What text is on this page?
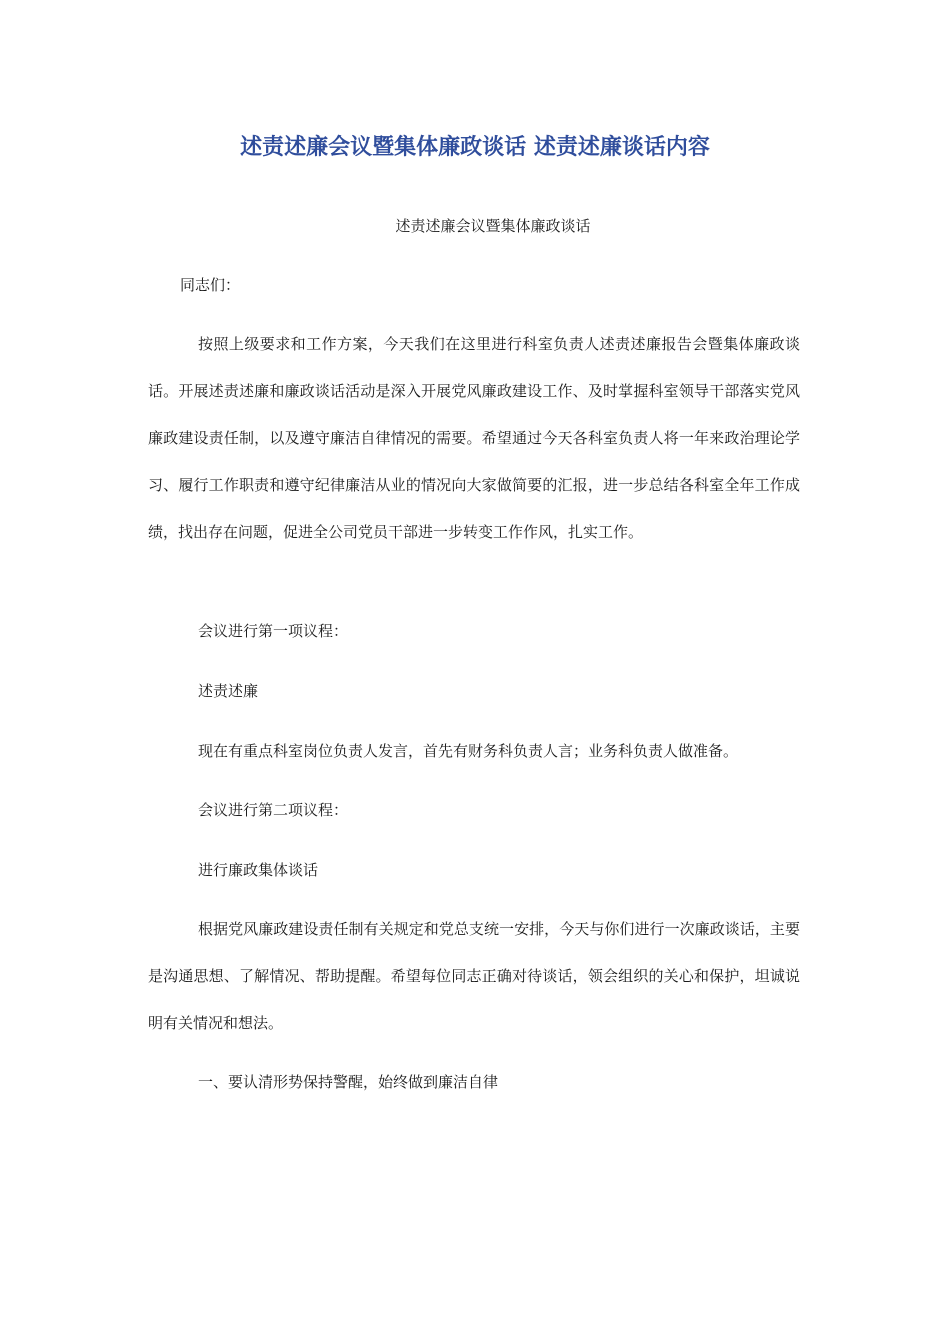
述责述廉会议暨集体廉政谈话 述责述廉谈话内容

述责述廉会议暨集体廉政谈话

同志们：

按照上级要求和工作方案，今天我们在这里进行科室负责人述责述廉报告会暨集体廉政谈话。开展述责述廉和廉政谈话活动是深入开展党风廉政建设工作、及时掌握科室领导干部落实党风廉政建设责任制，以及遵守廉洁自律情况的需要。希望通过今天各科室负责人将一年来政治理论学习、履行工作职责和遵守纪律廉洁从业的情况向大家做简要的汇报，进一步总结各科室全年工作成绩，找出存在问题，促进全公司党员干部进一步转变工作作风，扎实工作。

会议进行第一项议程：

述责述廉

现在有重点科室岗位负责人发言，首先有财务科负责人言；业务科负责人做准备。

会议进行第二项议程：

进行廉政集体谈话

根据党风廉政建设责任制有关规定和党总支统一安排，今天与你们进行一次廉政谈话，主要是沟通思想、了解情况、帮助提醒。希望每位同志正确对待谈话，领会组织的关心和保护，坦诚说明有关情况和想法。

一、要认清形势保持警醒，始终做到廉洁自律
